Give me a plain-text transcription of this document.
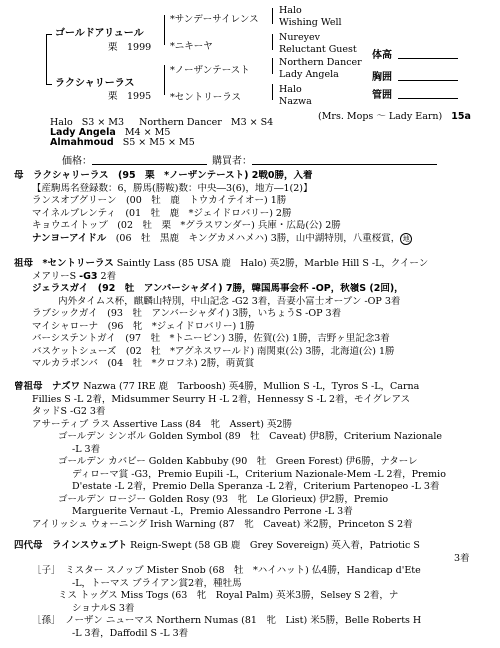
ゴールドアリュール
栗　1999
ラクシャリーラス
栗　1995
*サンデーサイレンス
*ニキーヤ
*ノーザンテースト
*セントリーラス
Halo
Wishing Well
Nureyev
Reluctant Guest
Northern Dancer
Lady Angela
Halo
Nazwa
体高
胸囲
管囲
(Mrs. Mops ～ Lady Earn) 15a
Halo S3 × M3 Northern Dancer M3 × S4
Lady Angela M4 × M5
Almahmoud S5 × M5 × M5
価格：	購買者：
母　 ラクシャリーラス　(95　栗　*ノーザンテースト) 2戦0勝，入着
【産駒馬名登録数：6，勝馬(勝鞍)数：中央―3(6)，地方―1(2)】
ランスオブグリーン　(00　牡　鹿　トウカイテイオー) 1勝
マイネルプレンティ　(01　牡　鹿　*ジェイドロバリー) 2勝
キョウエイトップ　(02　牡　栗　*グラスワンダー) 兵庫・広島(公) 2勝
ナンヨーアイドル　(06　牡　黒鹿　キングカメハメハ) 3勝，山中湖特別，八重桜賞， 地
祖母　 *セントリーラス Saintly Lass (85 USA 鹿　Halo) 英2勝，Marble Hill S -L，クイーン
メアリーS -G3 2着
ジェラスガイ　(92　牡　アンバーシャダイ) 7勝，韓国馬事会杯 -OP，秋嶺S (2回)，
内外タイムス杯，麒麟山特別，中山記念 -G2 3着，吾妻小富士オープン -OP 3着
ラブシックガイ　(93　牡　アンバーシャダイ) 3勝，いちょうS -OP 3着
マイシャローナ　(96　牝　*ジェイドロバリー) 1勝
バーシステントガイ　(97　牡　*トニービン) 3勝，佐賀(公) 1勝，吉野ヶ里記念3着
バスケットシューズ　(02　牡　*アグネスワールド) 南関東(公) 3勝，北海道(公) 1勝
マルカラボンバ　(04　牡　*クロフネ) 2勝，萌黄賞
曾祖母　 ナズワ Nazwa (77 IRE 鹿　Tarboosh) 英4勝，Mullion S -L，Tyros S -L，Carna
Fillies S -L 2着，Midsummer Seurry H -L 2着，Hennessy S -L 2着，モイグレアス
タッドS -G2 3着
アサーティブ ラス Assertive Lass (84　牝　Assert) 英2勝
ゴールデン シンボル Golden Symbol (89　牡　Caveat) 伊8勝，Criterium Nazionale
-L 3着
ゴールデン カバビー Golden Kabbuby (90　牡　Green Forest) 伊6勝，ナターレ
ディローマ賞 -G3，Premio Eupili -L，Criterium Nazionale-Mem -L 2着，Premio
D'estate -L 2着，Premio Della Speranza -L 2着，Criterium Partenopeo -L 3着
ゴールデン ロージー Golden Rosy (93　牝　Le Glorieux) 伊2勝，Premio
Marguerite Vernaut -L，Premio Alessandro Perrone -L 3着
アイリッシュ ウォーニング Irish Warning (87　牝　Caveat) 米2勝，Princeton S 2着
四代母　 ラインスウェプト Reign-Swept (58 GB 鹿　Grey Sovereign) 英入着，Patriotic S
3着
［子］　 ミスター スノッブ Mister Snob (68　牡　*ハイハット) 仏4勝，Handicap d'Ete
-L，トーマス ブライアン賞2着，種牡馬
ミス トッグス Miss Togs (63　牝　Royal Palm) 英米3勝，Selsey S 2着，ナ
ショナルS 3着
［孫］　 ノーザン ニューマス Northern Numas (81　牝　List) 米5勝，Belle Roberts H
-L 3着，Daffodil S -L 3着
